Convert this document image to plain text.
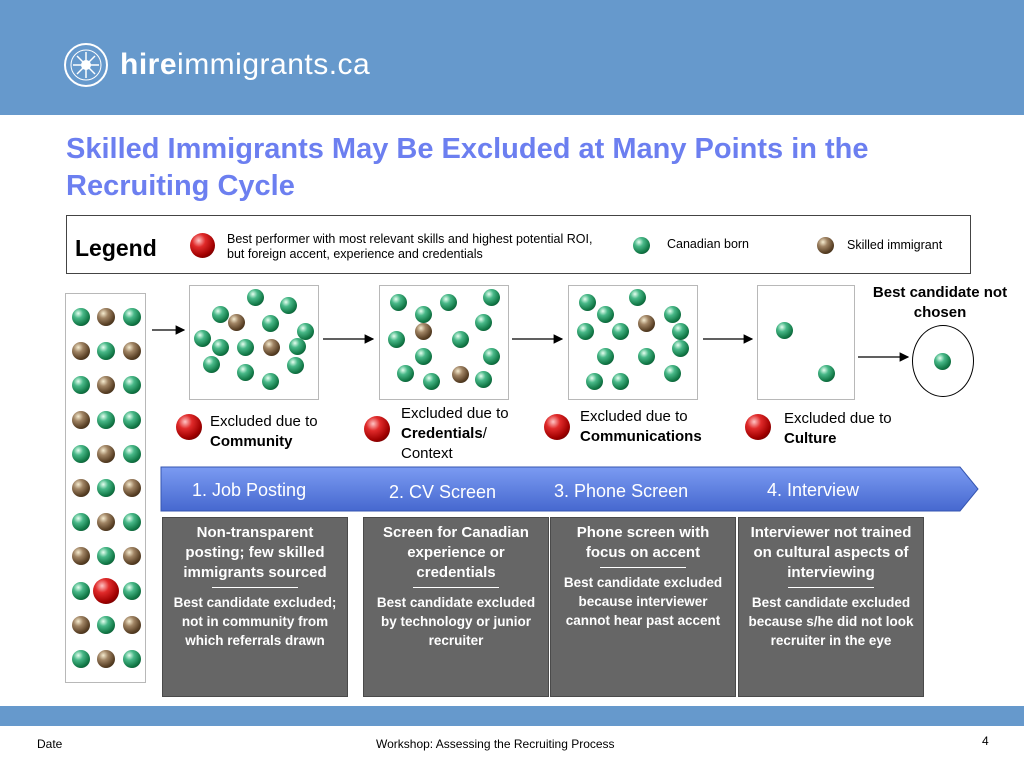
hireimmigrants.ca
Skilled Immigrants May Be Excluded at Many Points in the Recruiting Cycle
Legend	Best performer with most relevant skills and highest potential ROI, but foreign accent, experience and credentials
Canadian born	Skilled immigrant
Best candidate not chosen
Excluded due to Community
Excluded due to Credentials/ Context
Excluded due to Communications
Excluded due to Culture
1. Job Posting	2. CV Screen	3. Phone Screen	4. Interview
Non-transparent posting; few skilled immigrants sourced
Best candidate excluded; not in community from which referrals drawn
Screen for Canadian experience or credentials
Best candidate excluded by technology or junior recruiter
Phone screen with focus on accent
Best candidate excluded because interviewer cannot hear past accent
Interviewer not trained on cultural aspects of interviewing
Best candidate excluded because s/he did not look recruiter in the eye
Date	Workshop: Assessing the Recruiting Process	4
